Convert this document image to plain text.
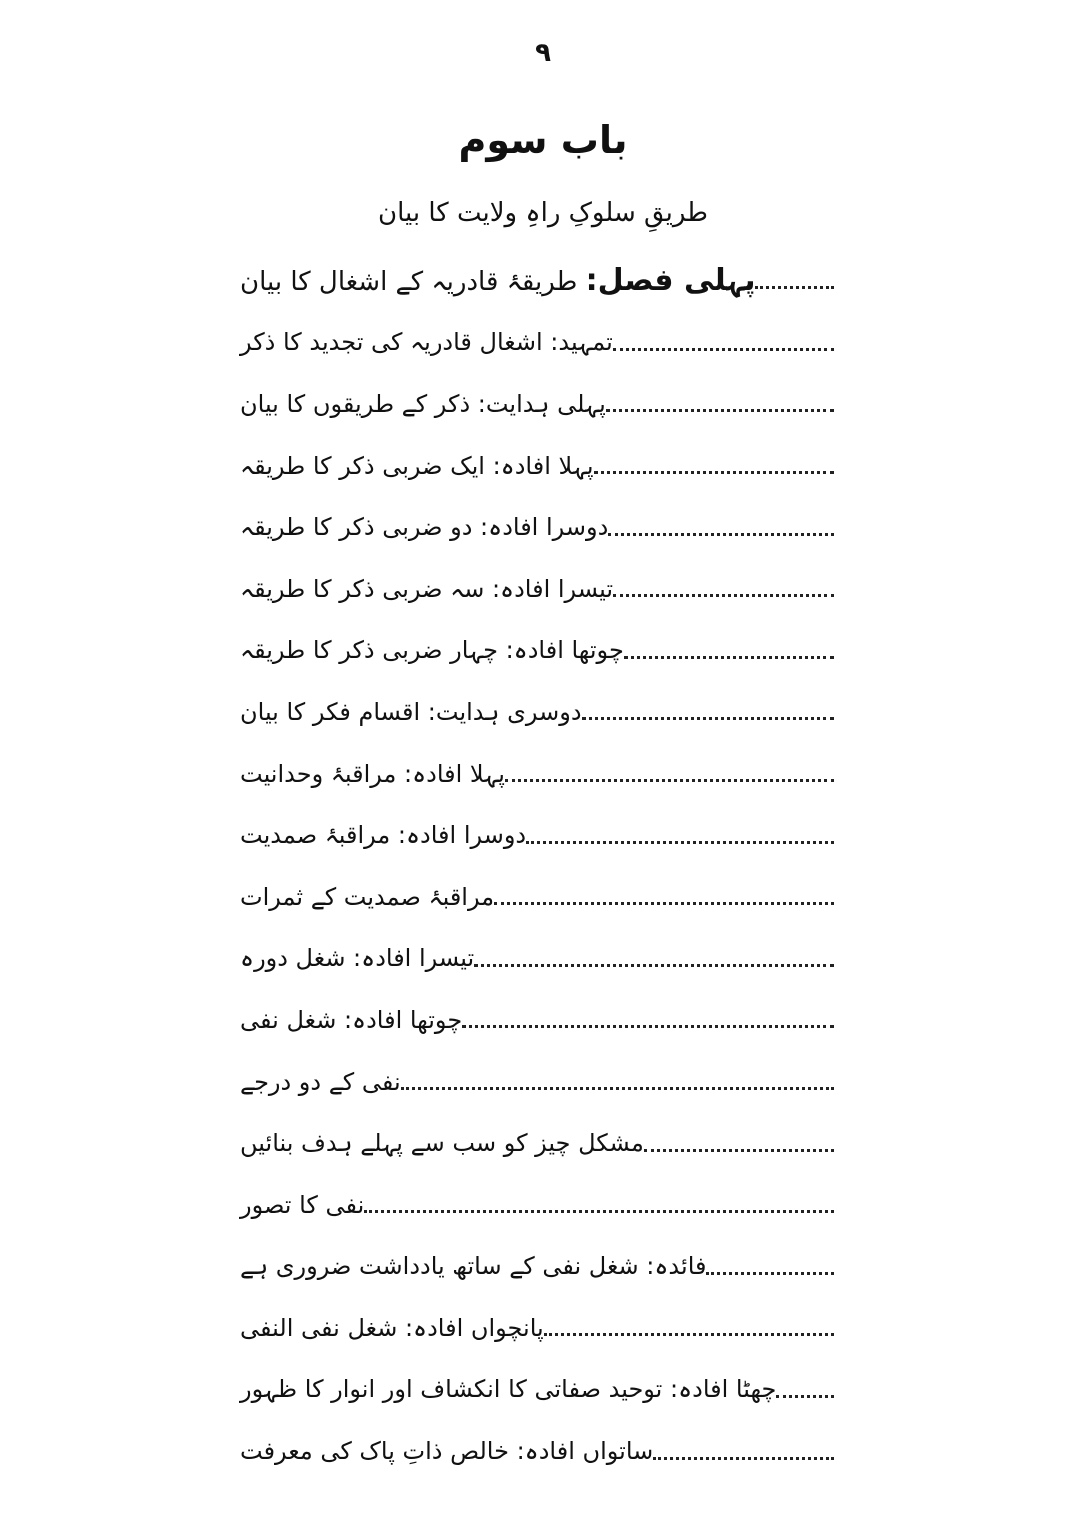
۹
باب سوم
طریقِ سلوکِ راہِ ولایت کا بیان
پہلی فصل: طریقۂ قادریہ کے اشغال کا بیان
تمہید: اشغال قادریہ کی تجدید کا ذکر
پہلی ہدایت: ذکر کے طریقوں کا بیان
پہلا افادہ: ایک ضربی ذکر کا طریقہ
دوسرا افادہ: دو ضربی ذکر کا طریقہ
تیسرا افادہ: سہ ضربی ذکر کا طریقہ
چوتھا افادہ: چہار ضربی ذکر کا طریقہ
دوسری ہدایت: اقسام فکر کا بیان
پہلا افادہ: مراقبۂ وحدانیت
دوسرا افادہ: مراقبۂ صمدیت
مراقبۂ صمدیت کے ثمرات
تیسرا افادہ: شغل دورہ
چوتھا افادہ: شغل نفی
نفی کے دو درجے
مشکل چیز کو سب سے پہلے ہدف بنائیں
نفی کا تصور
فائدہ: شغل نفی کے ساتھ یادداشت ضروری ہے
پانچواں افادہ: شغل نفی النفی
چھٹا افادہ: توحید صفاتی کا انکشاف اور انوار کا ظہور
ساتواں افادہ: خالص ذاتِ پاک کی معرفت
